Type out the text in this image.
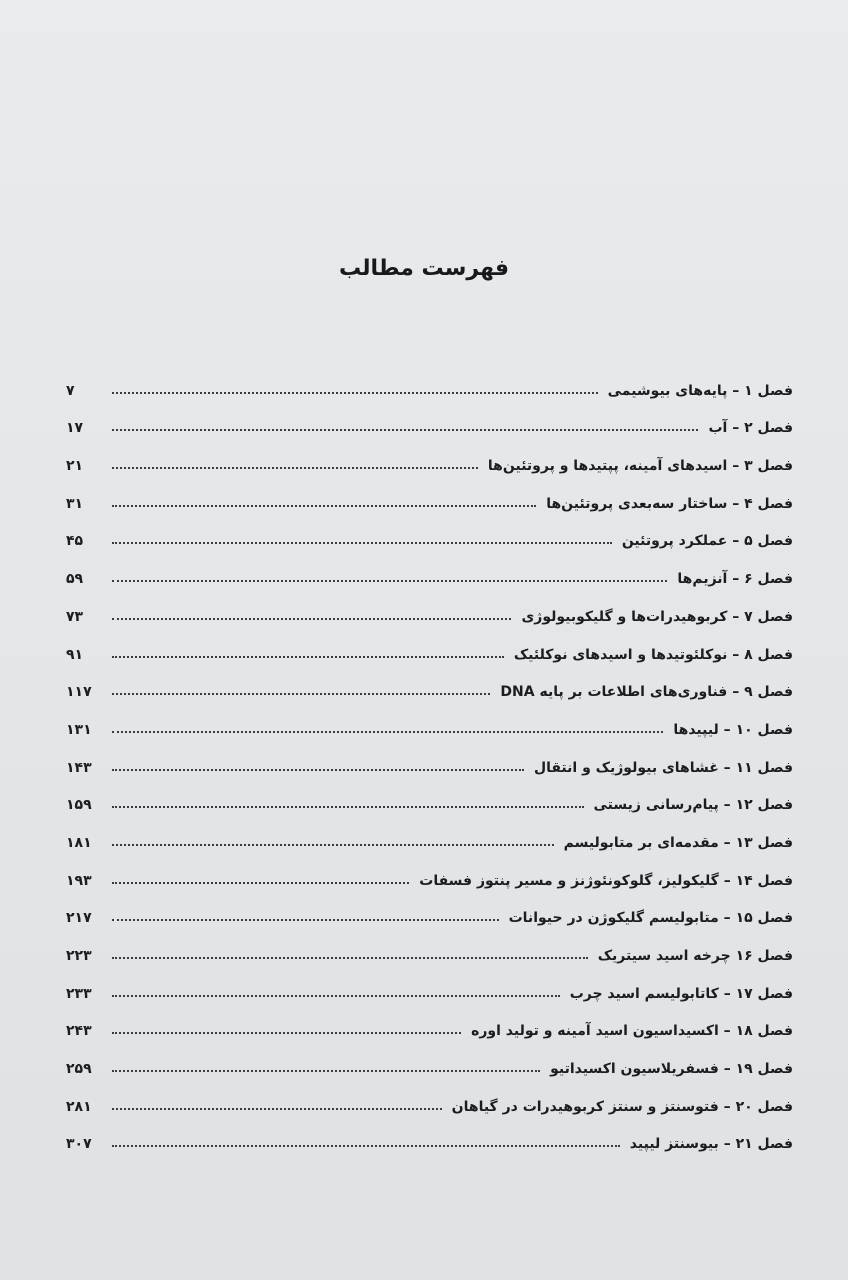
فهرست مطالب
فصل ۱ – پایه‌های بیوشیمی
۷
فصل ۲ – آب
۱۷
فصل ۳ – اسیدهای آمینه، پپتیدها و پروتئین‌ها
۲۱
فصل ۴ – ساختار سه‌بعدی پروتئین‌ها
۳۱
فصل ۵ – عملکرد پروتئین
۴۵
فصل ۶ – آنزیم‌ها
۵۹
فصل ۷ – کربوهیدرات‌ها و گلیکوبیولوژی
۷۳
فصل ۸ – نوکلئوتیدها و اسیدهای نوکلئیک
۹۱
فصل ۹ – فناوری‌های اطلاعات بر پایه DNA
۱۱۷
فصل ۱۰ – لیپیدها
۱۳۱
فصل ۱۱ – غشاهای بیولوژیک و انتقال
۱۴۳
فصل ۱۲ – پیام‌رسانی زیستی
۱۵۹
فصل ۱۳ – مقدمه‌ای بر متابولیسم
۱۸۱
فصل ۱۴ – گلیکولیز، گلوکونئوژنز و مسیر پنتوز فسفات
۱۹۳
فصل ۱۵ – متابولیسم گلیکوژن در حیوانات
۲۱۷
فصل ۱۶ چرخه اسید سیتریک
۲۲۳
فصل ۱۷ – کاتابولیسم اسید چرب
۲۳۳
فصل ۱۸ – اکسیداسیون اسید آمینه و تولید اوره
۲۴۳
فصل ۱۹ – فسفریلاسیون اکسیداتیو
۲۵۹
فصل ۲۰ – فتوسنتز و سنتز کربوهیدرات در گیاهان
۲۸۱
فصل ۲۱ – بیوسنتز لیپید
۳۰۷
